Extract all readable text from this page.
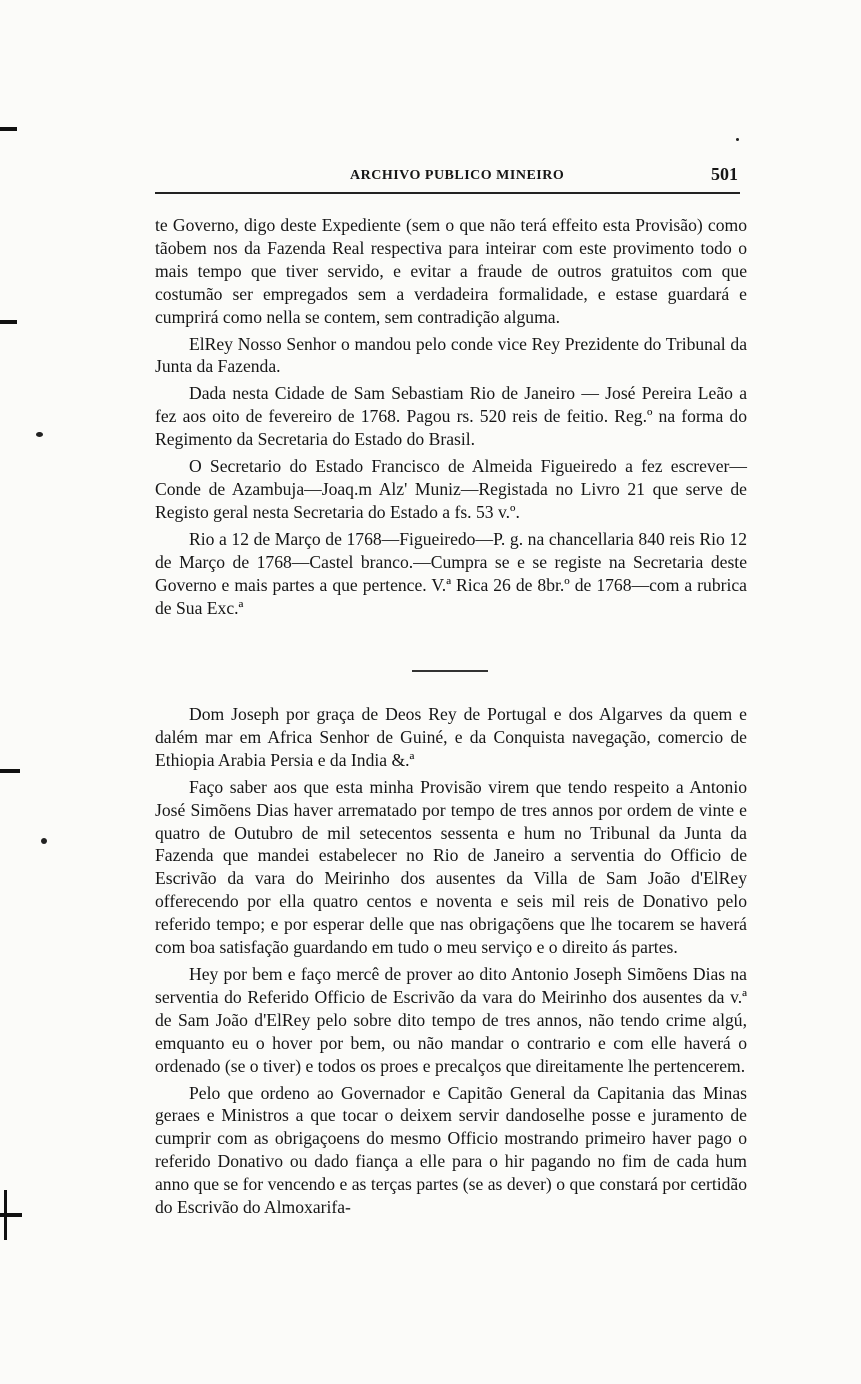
ARCHIVO PUBLICO MINEIRO	501

te Governo, digo deste Expediente (sem o que não terá effeito esta Provisão) como tãobem nos da Fazenda Real respectiva para inteirar com este provimento todo o mais tempo que tiver servido, e evitar a fraude de outros gratuitos com que costumão ser empregados sem a verdadeira formalidade, e estase guardará e cumprirá como nella se contem, sem contradição alguma.

ElRey Nosso Senhor o mandou pelo conde vice Rey Prezidente do Tribunal da Junta da Fazenda.

Dada nesta Cidade de Sam Sebastiam Rio de Janeiro — José Pereira Leão a fez aos oito de fevereiro de 1768. Pagou rs. 520 reis de feitio. Reg.º na forma do Regimento da Secretaria do Estado do Brasil.

O Secretario do Estado Francisco de Almeida Figueiredo a fez escrever—Conde de Azambuja—Joaq.m Alz' Muniz—Registada no Livro 21 que serve de Registo geral nesta Secretaria do Estado a fs. 53 v.º.

Rio a 12 de Março de 1768—Figueiredo—P. g. na chancellaria 840 reis Rio 12 de Março de 1768—Castel branco.—Cumpra se e se registe na Secretaria deste Governo e mais partes a que pertence. V.ª Rica 26 de 8br.º de 1768—com a rubrica de Sua Exc.ª

Dom Joseph por graça de Deos Rey de Portugal e dos Algarves da quem e dalém mar em Africa Senhor de Guiné, e da Conquista navegação, comercio de Ethiopia Arabia Persia e da India &.ª

Faço saber aos que esta minha Provisão virem que tendo respeito a Antonio José Simõens Dias haver arrematado por tempo de tres annos por ordem de vinte e quatro de Outubro de mil setecentos sessenta e hum no Tribunal da Junta da Fazenda que mandei estabelecer no Rio de Janeiro a serventia do Officio de Escrivão da vara do Meirinho dos ausentes da Villa de Sam João d'ElRey offerecendo por ella quatro centos e noventa e seis mil reis de Donativo pelo referido tempo; e por esperar delle que nas obrigaçõens que lhe tocarem se haverá com boa satisfação guardando em tudo o meu serviço e o direito ás partes.

Hey por bem e faço mercê de prover ao dito Antonio Joseph Simõens Dias na serventia do Referido Officio de Escrivão da vara do Meirinho dos ausentes da v.ª de Sam João d'ElRey pelo sobre dito tempo de tres annos, não tendo crime algú, emquanto eu o hover por bem, ou não mandar o contrario e com elle haverá o ordenado (se o tiver) e todos os proes e precalços que direitamente lhe pertencerem.

Pelo que ordeno ao Governador e Capitão General da Capitania das Minas geraes e Ministros a que tocar o deixem servir dandoselhe posse e juramento de cumprir com as obrigaçoens do mesmo Officio mostrando primeiro haver pago o referido Donativo ou dado fiança a elle para o hir pagando no fim de cada hum anno que se for vencendo e as terças partes (se as dever) o que constará por certidão do Escrivão do Almoxarifa-
